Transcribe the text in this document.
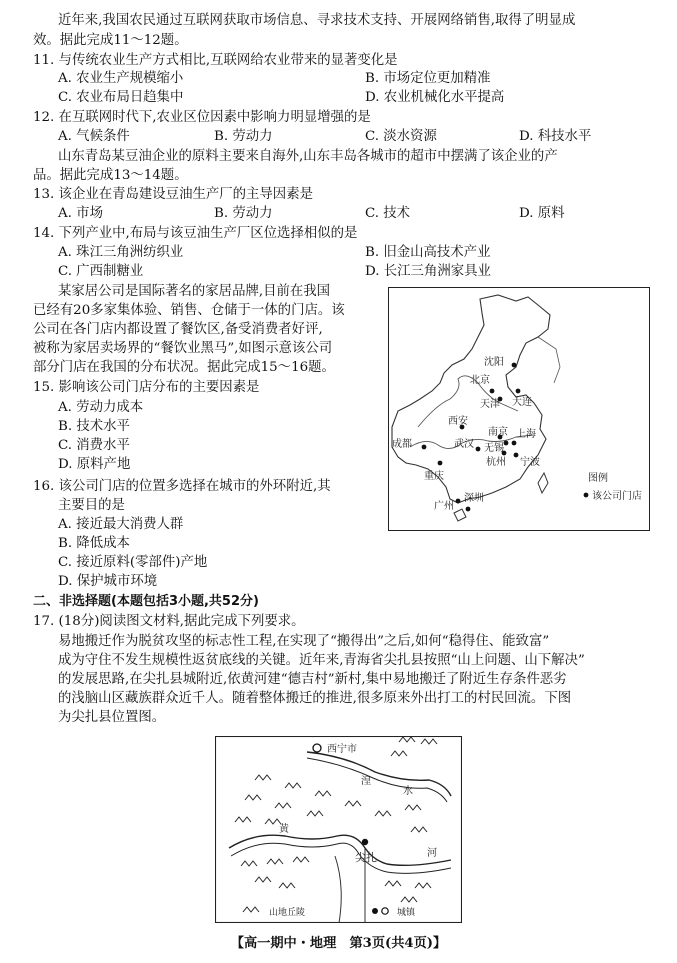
近年来,我国农民通过互联网获取市场信息、寻求技术支持、开展网络销售,取得了明显成
效。据此完成11～12题。
11. 与传统农业生产方式相比,互联网给农业带来的显著变化是
A. 农业生产规模缩小	B. 市场定位更加精准
C. 农业布局日趋集中	D. 农业机械化水平提高
12. 在互联网时代下,农业区位因素中影响力明显增强的是
A. 气候条件	B. 劳动力	C. 淡水资源	D. 科技水平
山东青岛某豆油企业的原料主要来自海外,山东丰岛各城市的超市中摆满了该企业的产
品。据此完成13～14题。
13. 该企业在青岛建设豆油生产厂的主导因素是
A. 市场	B. 劳动力	C. 技术	D. 原料
14. 下列产业中,布局与该豆油生产厂区位选择相似的是
A. 珠江三角洲纺织业	B. 旧金山高技术产业
C. 广西制糖业	D. 长江三角洲家具业
某家居公司是国际著名的家居品牌,目前在我国
已经有20多家集体验、销售、仓储于一体的门店。该
公司在各门店内都设置了餐饮区,备受消费者好评,
被称为家居卖场界的“餐饮业黑马”,如图示意该公司
部分门店在我国的分布状况。据此完成15～16题。
15. 影响该公司门店分布的主要因素是
A. 劳动力成本
B. 技术水平
C. 消费水平
D. 原料产地
16. 该公司门店的位置多选择在城市的外环附近,其
主要目的是
A. 接近最大消费人群
B. 降低成本
C. 接近原料(零部件)产地
D. 保护城市环境
沈阳
北京
天津 大连
西安
南京 上海
成都	武汉 无锡
杭州 宁波
重庆
广州
深圳
图例
该公司门店
二、非选择题(本题包括3小题,共52分)
17. (18分)阅读图文材料,据此完成下列要求。
易地搬迁作为脱贫攻坚的标志性工程,在实现了“搬得出”之后,如何“稳得住、能致富”
成为守住不发生规模性返贫底线的关键。近年来,青海省尖扎县按照“山上问题、山下解决”
的发展思路,在尖扎县城附近,依黄河建“德吉村”新村,集中易地搬迁了附近生存条件恶劣
的浅脑山区藏族群众近千人。随着整体搬迁的推进,很多原来外出打工的村民回流。下图
为尖扎县位置图。
西宁市
尖扎
湟
水
黄
河
山地丘陵	城镇
【高一期中・地理　第3页(共4页)】
